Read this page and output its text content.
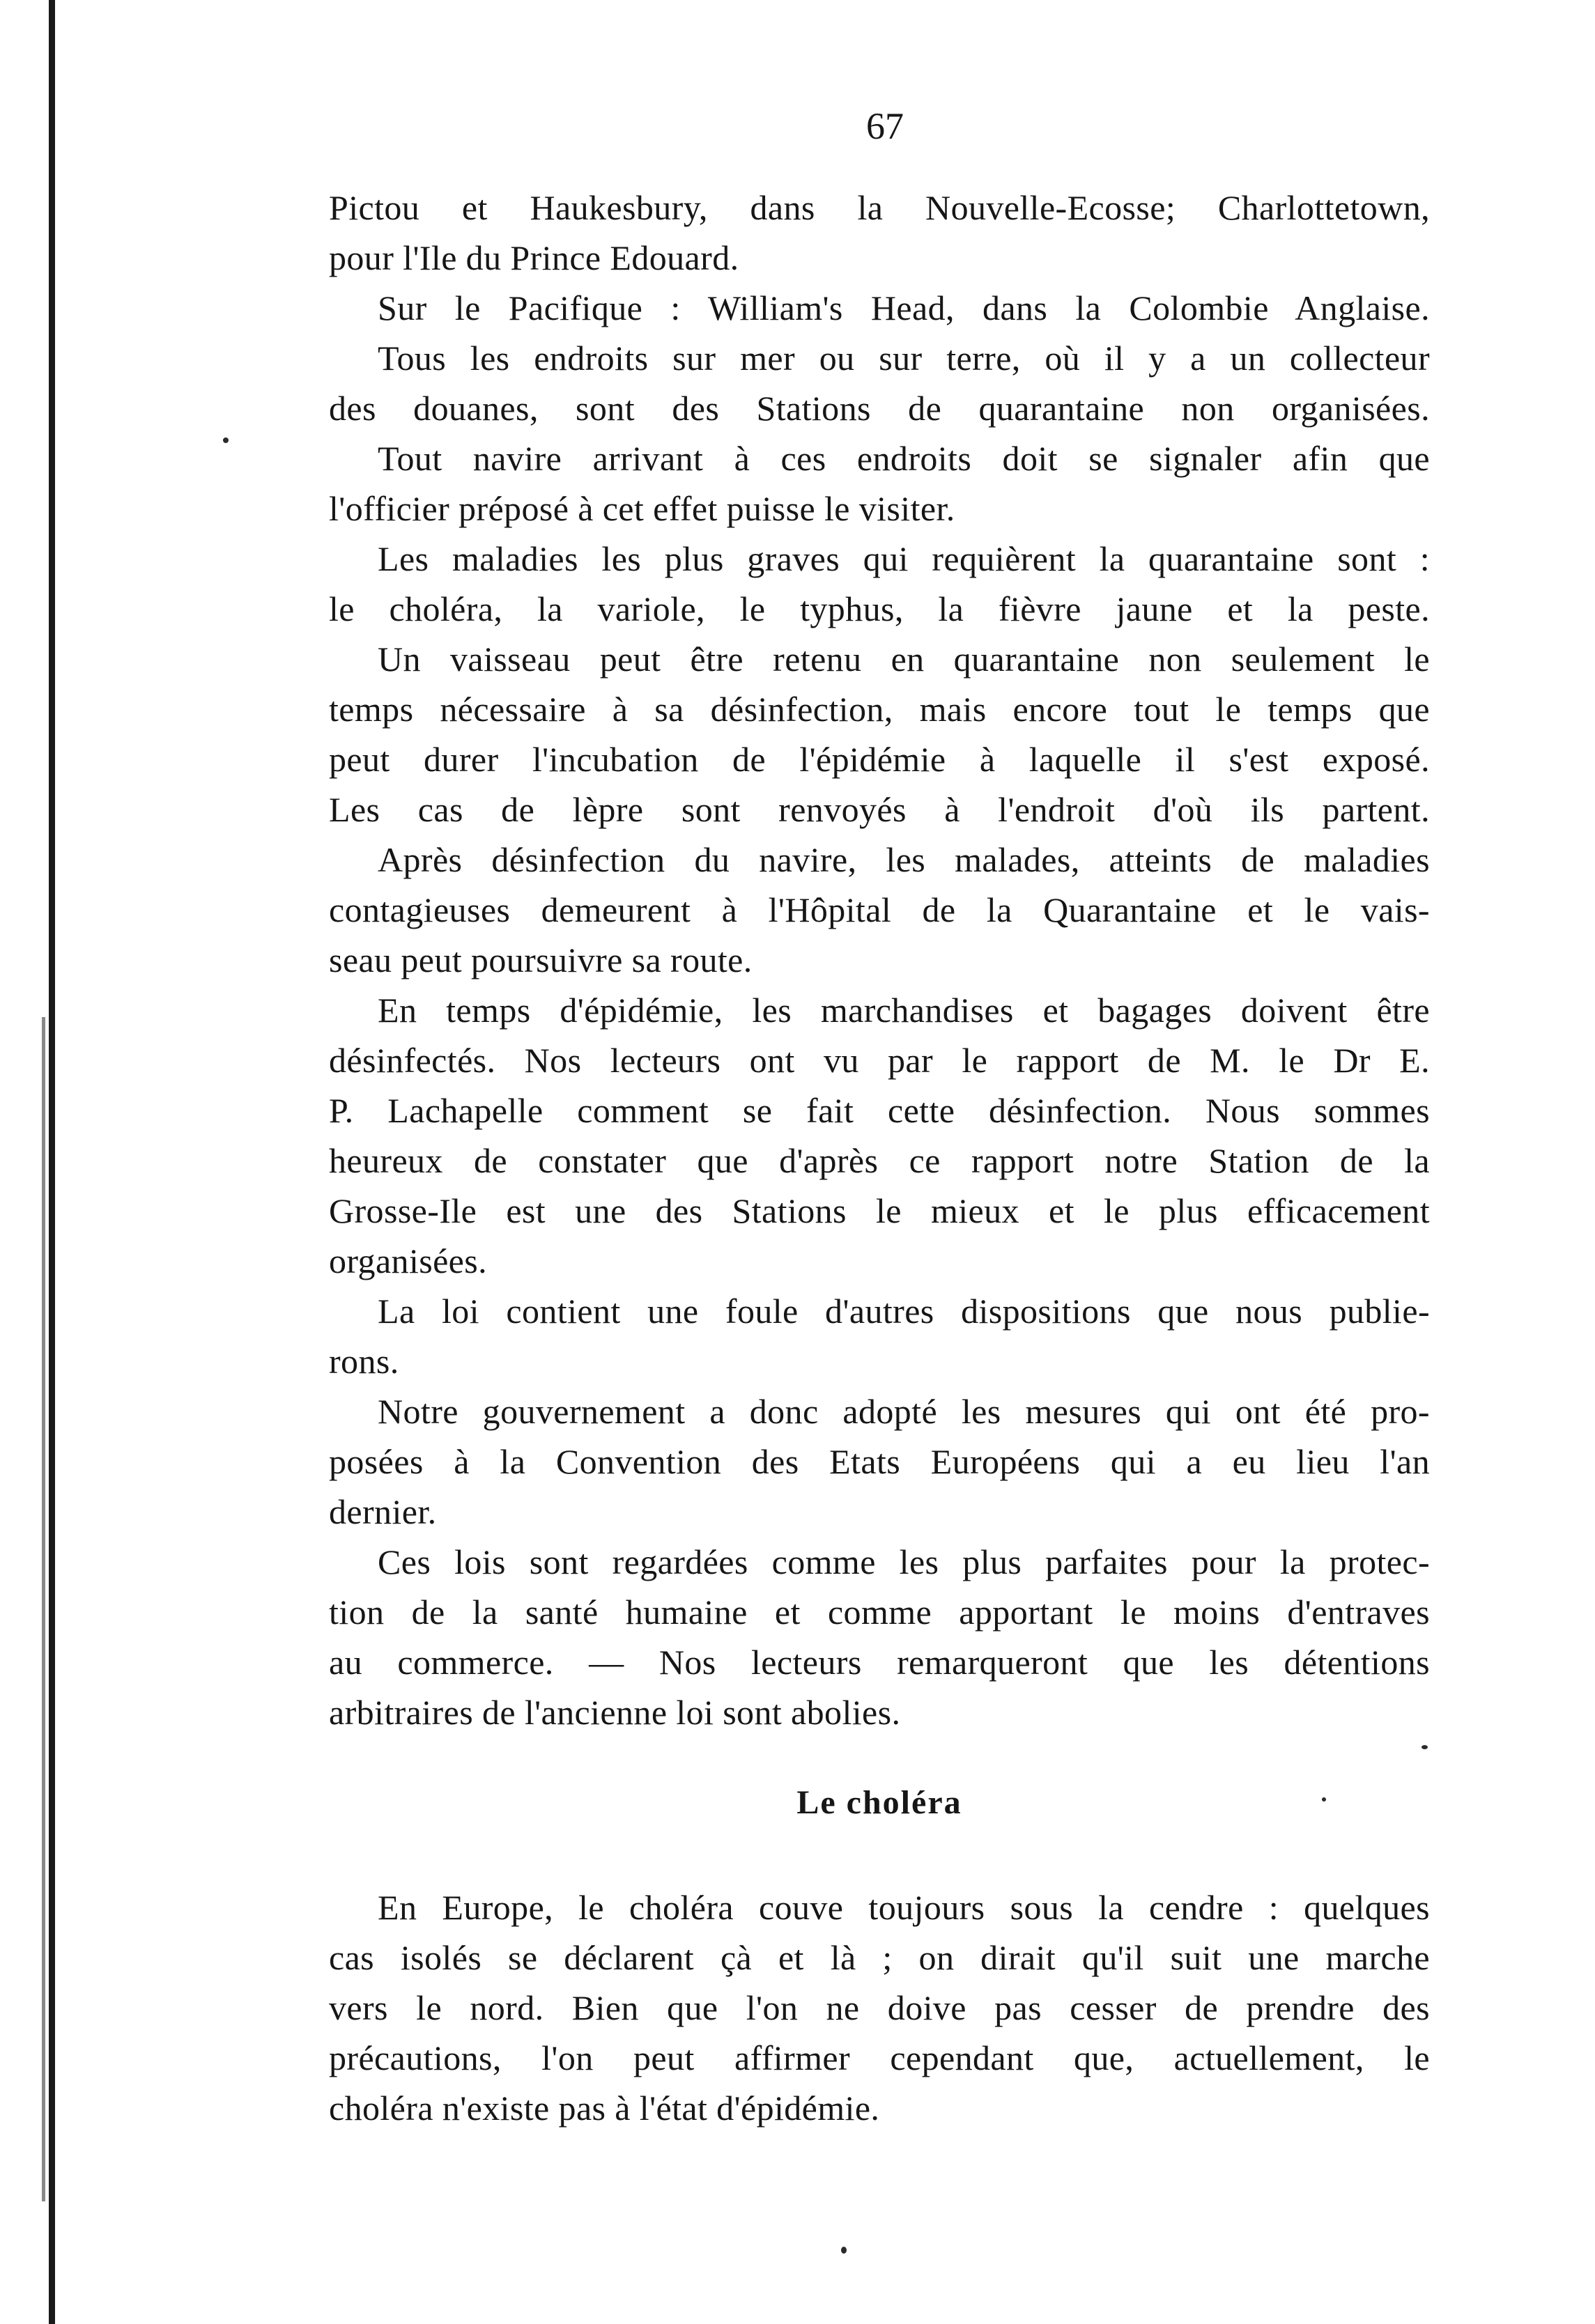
67
Pictou et Haukesbury, dans la Nouvelle-Ecosse; Charlottetown,
pour l'Ile du Prince Edouard.
Sur le Pacifique : William's Head, dans la Colombie Anglaise.
Tous les endroits sur mer ou sur terre, où il y a un collecteur
des douanes, sont des Stations de quarantaine non organisées.
Tout navire arrivant à ces endroits doit se signaler afin que
l'officier préposé à cet effet puisse le visiter.
Les maladies les plus graves qui requièrent la quarantaine sont :
le choléra, la variole, le typhus, la fièvre jaune et la peste.
Un vaisseau peut être retenu en quarantaine non seulement le
temps nécessaire à sa désinfection, mais encore tout le temps que
peut durer l'incubation de l'épidémie à laquelle il s'est exposé.
Les cas de lèpre sont renvoyés à l'endroit d'où ils partent.
Après désinfection du navire, les malades, atteints de maladies
contagieuses demeurent à l'Hôpital de la Quarantaine et le vais-
seau peut poursuivre sa route.
En temps d'épidémie, les marchandises et bagages doivent être
désinfectés. Nos lecteurs ont vu par le rapport de M. le Dr E.
P. Lachapelle comment se fait cette désinfection. Nous sommes
heureux de constater que d'après ce rapport notre Station de la
Grosse-Ile est une des Stations le mieux et le plus efficacement
organisées.
La loi contient une foule d'autres dispositions que nous publie-
rons.
Notre gouvernement a donc adopté les mesures qui ont été pro-
posées à la Convention des Etats Européens qui a eu lieu l'an
dernier.
Ces lois sont regardées comme les plus parfaites pour la protec-
tion de la santé humaine et comme apportant le moins d'entraves
au commerce. — Nos lecteurs remarqueront que les détentions
arbitraires de l'ancienne loi sont abolies.
Le choléra
En Europe, le choléra couve toujours sous la cendre : quelques
cas isolés se déclarent çà et là ; on dirait qu'il suit une marche
vers le nord. Bien que l'on ne doive pas cesser de prendre des
précautions, l'on peut affirmer cependant que, actuellement, le
choléra n'existe pas à l'état d'épidémie.
